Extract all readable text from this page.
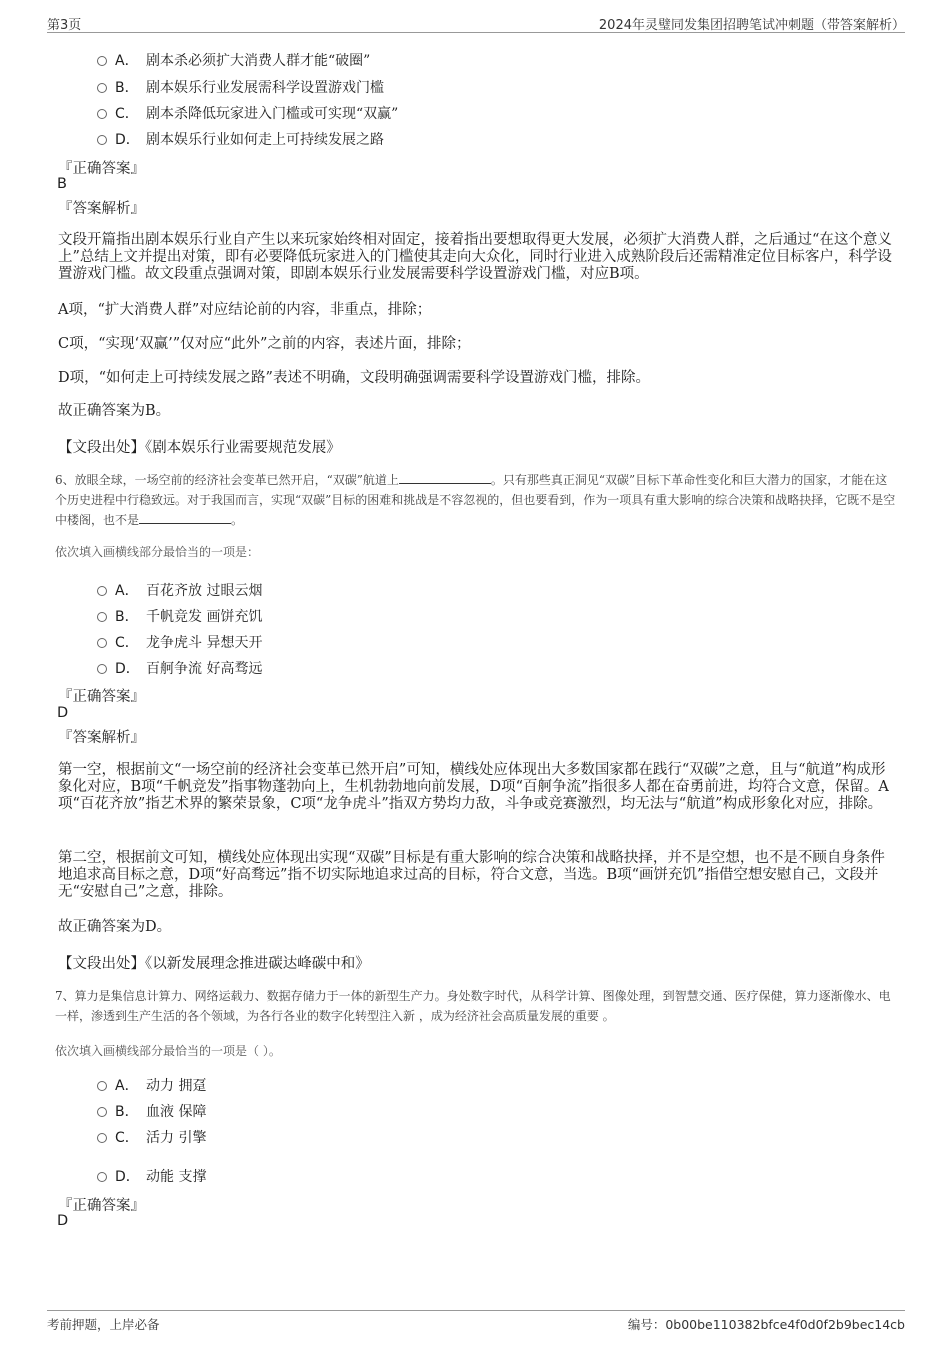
第3页	2024年灵璧同发集团招聘笔试冲刺题（带答案解析）
A． 剧本杀必须扩大消费人群才能“破圈”
B． 剧本娱乐行业发展需科学设置游戏门槛
C． 剧本杀降低玩家进入门槛或可实现“双赢”
D． 剧本娱乐行业如何走上可持续发展之路
『正确答案』
B
『答案解析』
文段开篇指出剧本娱乐行业自产生以来玩家始终相对固定，接着指出要想取得更大发展，必须扩大消费人群，之后通过“在这个意义上”总结上文并提出对策，即有必要降低玩家进入的门槛使其走向大众化，同时行业进入成熟阶段后还需精准定位目标客户，科学设置游戏门槛。故文段重点强调对策，即剧本娱乐行业发展需要科学设置游戏门槛，对应B项。
A项，“扩大消费人群”对应结论前的内容，非重点，排除；
C项，“实现‘双赢’”仅对应“此外”之前的内容，表述片面，排除；
D项，“如何走上可持续发展之路”表述不明确，文段明确强调需要科学设置游戏门槛，排除。
故正确答案为B。
【文段出处】《剧本娱乐行业需要规范发展》
6、放眼全球，一场空前的经济社会变革已然开启，“双碳”航道上	。只有那些真正洞见“双碳”目标下革命性变化和巨大潜力的国家，才能在这个历史进程中行稳致远。对于我国而言，实现“双碳”目标的困难和挑战是不容忽视的，但也要看到，作为一项具有重大影响的综合决策和战略抉择，它既不是空中楼阁，也不是	。
依次填入画横线部分最恰当的一项是：
A． 百花齐放 过眼云烟
B． 千帆竞发 画饼充饥
C． 龙争虎斗 异想天开
D． 百舸争流 好高骛远
『正确答案』
D
『答案解析』
第一空，根据前文“一场空前的经济社会变革已然开启”可知，横线处应体现出大多数国家都在践行“双碳”之意，且与“航道”构成形象化对应，B项“千帆竞发”指事物蓬勃向上，生机勃勃地向前发展，D项“百舸争流”指很多人都在奋勇前进，均符合文意，保留。A项“百花齐放”指艺术界的繁荣景象，C项“龙争虎斗”指双方势均力敌，斗争或竞赛激烈，均无法与“航道”构成形象化对应，排除。
第二空，根据前文可知，横线处应体现出实现“双碳”目标是有重大影响的综合决策和战略抉择，并不是空想，也不是不顾自身条件地追求高目标之意，D项“好高骛远”指不切实际地追求过高的目标，符合文意，当选。B项“画饼充饥”指借空想安慰自己，文段并无“安慰自己”之意，排除。
故正确答案为D。
【文段出处】《以新发展理念推进碳达峰碳中和》
7、算力是集信息计算力、网络运载力、数据存储力于一体的新型生产力。身处数字时代，从科学计算、图像处理，到智慧交通、医疗保健，算力逐渐像水、电一样，渗透到生产生活的各个领域，为各行各业的数字化转型注入新 ，成为经济社会高质量发展的重要 。
依次填入画横线部分最恰当的一项是（ ）。
A． 动力 拥趸
B． 血液 保障
C． 活力 引擎
D． 动能 支撑
『正确答案』
D
考前押题，上岸必备	编号：0b00be110382bfce4f0d0f2b9bec14cb
